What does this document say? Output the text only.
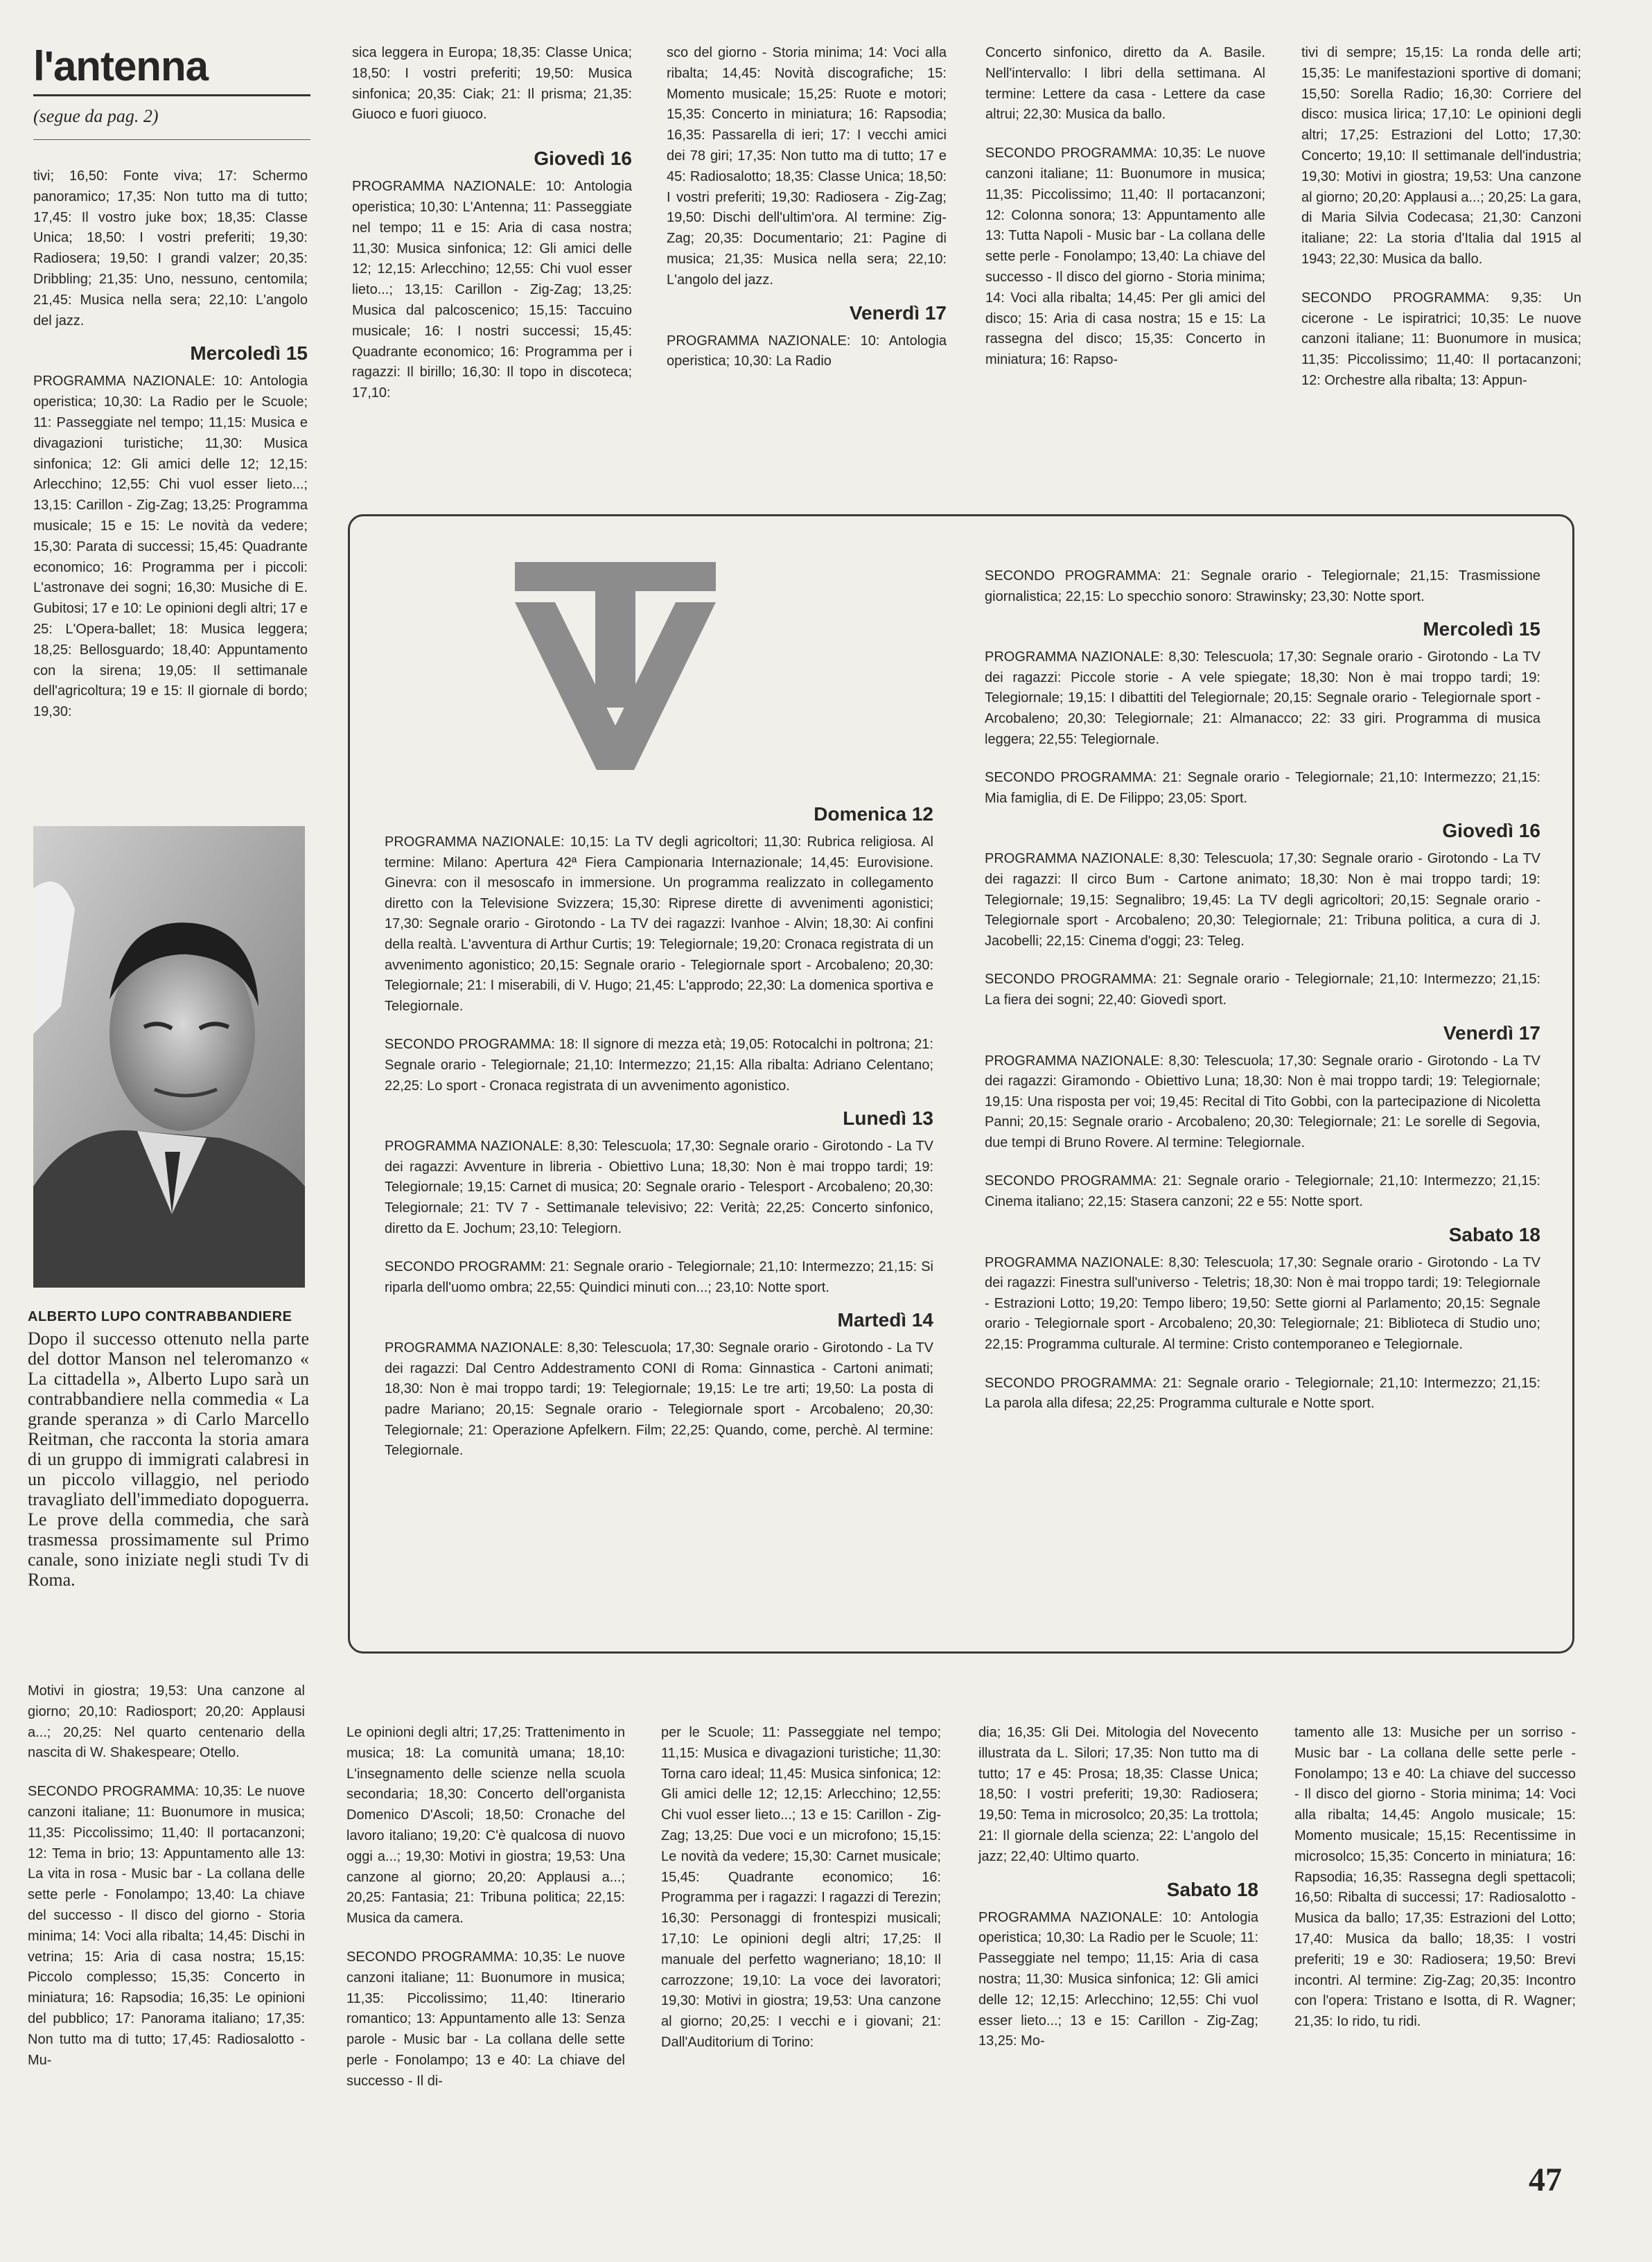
l'antenna
(segue da pag. 2)

tivi; 16,50: Fonte viva; 17: Schermo panoramico; 17,35: Non tutto ma di tutto; 17,45: Il vostro juke box; 18,35: Classe Unica; 18,50: I vostri preferiti; 19,30: Radiosera; 19,50: I grandi valzer; 20,35: Dribbling; 21,35: Uno, nessuno, centomila; 21,45: Musica nella sera; 22,10: L'angolo del jazz.

Mercoledì 15

PROGRAMMA NAZIONALE: 10: Antologia operistica; 10,30: La Radio per le Scuole; 11: Passeggiate nel tempo; 11,15: Musica e divagazioni turistiche; 11,30: Musica sinfonica; 12: Gli amici delle 12; 12,15: Arlecchino; 12,55: Chi vuol esser lieto...; 13,15: Carillon - Zig-Zag; 13,25: Programma musicale; 15 e 15: Le novità da vedere; 15,30: Parata di successi; 15,45: Quadrante economico; 16: Programma per i piccoli: L'astronave dei sogni; 16,30: Musiche di E. Gubitosi; 17 e 10: Le opinioni degli altri; 17 e 25: L'Opera-ballet; 18: Musica leggera; 18,25: Bellosguardo; 18,40: Appuntamento con la sirena; 19,05: Il settimanale dell'agricoltura; 19 e 15: Il giornale di bordo; 19,30:

sica leggera in Europa; 18,35: Classe Unica; 18,50: I vostri preferiti; 19,50: Musica sinfonica; 20,35: Ciak; 21: Il prisma; 21,35: Giuoco e fuori giuoco.

Giovedì 16

PROGRAMMA NAZIONALE: 10: Antologia operistica; 10,30: L'Antenna; 11: Passeggiate nel tempo; 11 e 15: Aria di casa nostra; 11,30: Musica sinfonica; 12: Gli amici delle 12; 12,15: Arlecchino; 12,55: Chi vuol esser lieto...; 13,15: Carillon - Zig-Zag; 13,25: Musica dal palcoscenico; 15,15: Taccuino musicale; 16: I nostri successi; 15,45: Quadrante economico; 16: Programma per i ragazzi: Il birillo; 16,30: Il topo in discoteca; 17,10:

sco del giorno - Storia minima; 14: Voci alla ribalta; 14,45: Novità discografiche; 15: Momento musicale; 15,25: Ruote e motori; 15,35: Concerto in miniatura; 16: Rapsodia; 16,35: Passarella di ieri; 17: I vecchi amici dei 78 giri; 17,35: Non tutto ma di tutto; 17 e 45: Radiosalotto; 18,35: Classe Unica; 18,50: I vostri preferiti; 19,30: Radiosera - Zig-Zag; 19,50: Dischi dell'ultim'ora. Al termine: Zig-Zag; 20,35: Documentario; 21: Pagine di musica; 21,35: Musica nella sera; 22,10: L'angolo del jazz.

Venerdì 17

PROGRAMMA NAZIONALE: 10: Antologia operistica; 10,30: La Radio

Concerto sinfonico, diretto da A. Basile. Nell'intervallo: I libri della settimana. Al termine: Lettere da casa - Lettere da case altrui; 22,30: Musica da ballo.

SECONDO PROGRAMMA: 10,35: Le nuove canzoni italiane; 11: Buonumore in musica; 11,35: Piccolissimo; 11,40: Il portacanzoni; 12: Colonna sonora; 13: Appuntamento alle 13: Tutta Napoli - Music bar - La collana delle sette perle - Fonolampo; 13,40: La chiave del successo - Il disco del giorno - Storia minima; 14: Voci alla ribalta; 14,45: Per gli amici del disco; 15: Aria di casa nostra; 15 e 15: La rassegna del disco; 15,35: Concerto in miniatura; 16: Rapso-

tivi di sempre; 15,15: La ronda delle arti; 15,35: Le manifestazioni sportive di domani; 15,50: Sorella Radio; 16,30: Corriere del disco: musica lirica; 17,10: Le opinioni degli altri; 17,25: Estrazioni del Lotto; 17,30: Concerto; 19,10: Il settimanale dell'industria; 19,30: Motivi in giostra; 19,53: Una canzone al giorno; 20,20: Applausi a...; 20,25: La gara, di Maria Silvia Codecasa; 21,30: Canzoni italiane; 22: La storia d'Italia dal 1915 al 1943; 22,30: Musica da ballo.

SECONDO PROGRAMMA: 9,35: Un cicerone - Le ispiratrici; 10,35: Le nuove canzoni italiane; 11: Buonumore in musica; 11,35: Piccolissimo; 11,40: Il portacanzoni; 12: Orchestre alla ribalta; 13: Appun-

TV
Domenica 12

PROGRAMMA NAZIONALE: 10,15: La TV degli agricoltori; 11,30: Rubrica religiosa. Al termine: Milano: Apertura 42ª Fiera Campionaria Internazionale; 14,45: Eurovisione. Ginevra: con il mesoscafo in immersione. Un programma realizzato in collegamento diretto con la Televisione Svizzera; 15,30: Riprese dirette di avvenimenti agonistici; 17,30: Segnale orario - Girotondo - La TV dei ragazzi: Ivanhoe - Alvin; 18,30: Ai confini della realtà. L'avventura di Arthur Curtis; 19: Telegiornale; 19,20: Cronaca registrata di un avvenimento agonistico; 20,15: Segnale orario - Telegiornale sport - Arcobaleno; 20,30: Telegiornale; 21: I miserabili, di V. Hugo; 21,45: L'approdo; 22,30: La domenica sportiva e Telegiornale.

SECONDO PROGRAMMA: 18: Il signore di mezza età; 19,05: Rotocalchi in poltrona; 21: Segnale orario - Telegiornale; 21,10: Intermezzo; 21,15: Alla ribalta: Adriano Celentano; 22,25: Lo sport - Cronaca registrata di un avvenimento agonistico.

Lunedì 13

PROGRAMMA NAZIONALE: 8,30: Telescuola; 17,30: Segnale orario - Girotondo - La TV dei ragazzi: Avventure in libreria - Obiettivo Luna; 18,30: Non è mai troppo tardi; 19: Telegiornale; 19,15: Carnet di musica; 20: Segnale orario - Telesport - Arcobaleno; 20,30: Telegiornale; 21: TV 7 - Settimanale televisivo; 22: Verità; 22,25: Concerto sinfonico, diretto da E. Jochum; 23,10: Telegiorn.

SECONDO PROGRAMM: 21: Segnale orario - Telegiornale; 21,10: Intermezzo; 21,15: Si riparla dell'uomo ombra; 22,55: Quindici minuti con...; 23,10: Notte sport.

Martedì 14

PROGRAMMA NAZIONALE: 8,30: Telescuola; 17,30: Segnale orario - Girotondo - La TV dei ragazzi: Dal Centro Addestramento CONI di Roma: Ginnastica - Cartoni animati; 18,30: Non è mai troppo tardi; 19: Telegiornale; 19,15: Le tre arti; 19,50: La posta di padre Mariano; 20,15: Segnale orario - Telegiornale sport - Arcobaleno; 20,30: Telegiornale; 21: Operazione Apfelkern. Film; 22,25: Quando, come, perchè. Al termine: Telegiornale.

SECONDO PROGRAMMA: 21: Segnale orario - Telegiornale; 21,15: Trasmissione giornalistica; 22,15: Lo specchio sonoro: Strawinsky; 23,30: Notte sport.

Mercoledì 15

PROGRAMMA NAZIONALE: 8,30: Telescuola; 17,30: Segnale orario - Girotondo - La TV dei ragazzi: Piccole storie - A vele spiegate; 18,30: Non è mai troppo tardi; 19: Telegiornale; 19,15: I dibattiti del Telegiornale; 20,15: Segnale orario - Telegiornale sport - Arcobaleno; 20,30: Telegiornale; 21: Almanacco; 22: 33 giri. Programma di musica leggera; 22,55: Telegiornale.

SECONDO PROGRAMMA: 21: Segnale orario - Telegiornale; 21,10: Intermezzo; 21,15: Mia famiglia, di E. De Filippo; 23,05: Sport.

Giovedì 16

PROGRAMMA NAZIONALE: 8,30: Telescuola; 17,30: Segnale orario - Girotondo - La TV dei ragazzi: Il circo Bum - Cartone animato; 18,30: Non è mai troppo tardi; 19: Telegiornale; 19,15: Segnalibro; 19,45: La TV degli agricoltori; 20,15: Segnale orario - Telegiornale sport - Arcobaleno; 20,30: Telegiornale; 21: Tribuna politica, a cura di J. Jacobelli; 22,15: Cinema d'oggi; 23: Teleg.

SECONDO PROGRAMMA: 21: Segnale orario - Telegiornale; 21,10: Intermezzo; 21,15: La fiera dei sogni; 22,40: Giovedì sport.

Venerdì 17

PROGRAMMA NAZIONALE: 8,30: Telescuola; 17,30: Segnale orario - Girotondo - La TV dei ragazzi: Giramondo - Obiettivo Luna; 18,30: Non è mai troppo tardi; 19: Telegiornale; 19,15: Una risposta per voi; 19,45: Recital di Tito Gobbi, con la partecipazione di Nicoletta Panni; 20,15: Segnale orario - Arcobaleno; 20,30: Telegiornale; 21: Le sorelle di Segovia, due tempi di Bruno Rovere. Al termine: Telegiornale.

SECONDO PROGRAMMA: 21: Segnale orario - Telegiornale; 21,10: Intermezzo; 21,15: Cinema italiano; 22,15: Stasera canzoni; 22 e 55: Notte sport.

Sabato 18

PROGRAMMA NAZIONALE: 8,30: Telescuola; 17,30: Segnale orario - Girotondo - La TV dei ragazzi: Finestra sull'universo - Teletris; 18,30: Non è mai troppo tardi; 19: Telegiornale - Estrazioni Lotto; 19,20: Tempo libero; 19,50: Sette giorni al Parlamento; 20,15: Segnale orario - Telegiornale sport - Arcobaleno; 20,30: Telegiornale; 21: Biblioteca di Studio uno; 22,15: Programma culturale. Al termine: Cristo contemporaneo e Telegiornale.

SECONDO PROGRAMMA: 21: Segnale orario - Telegiornale; 21,10: Intermezzo; 21,15: La parola alla difesa; 22,25: Programma culturale e Notte sport.

ALBERTO LUPO CONTRABBANDIERE
Dopo il successo ottenuto nella parte del dottor Manson nel teleromanzo « La cittadella », Alberto Lupo sarà un contrabbandiere nella commedia « La grande speranza » di Carlo Marcello Reitman, che racconta la storia amara di un gruppo di immigrati calabresi in un piccolo villaggio, nel periodo travagliato dell'immediato dopoguerra. Le prove della commedia, che sarà trasmessa prossimamente sul Primo canale, sono iniziate negli studi Tv di Roma.

Motivi in giostra; 19,53: Una canzone al giorno; 20,10: Radiosport; 20,20: Applausi a...; 20,25: Nel quarto centenario della nascita di W. Shakespeare; Otello.

SECONDO PROGRAMMA: 10,35: Le nuove canzoni italiane; 11: Buonumore in musica; 11,35: Piccolissimo; 11,40: Il portacanzoni; 12: Tema in brio; 13: Appuntamento alle 13: La vita in rosa - Music bar - La collana delle sette perle - Fonolampo; 13,40: La chiave del successo - Il disco del giorno - Storia minima; 14: Voci alla ribalta; 14,45: Dischi in vetrina; 15: Aria di casa nostra; 15,15: Piccolo complesso; 15,35: Concerto in miniatura; 16: Rapsodia; 16,35: Le opinioni del pubblico; 17: Panorama italiano; 17,35: Non tutto ma di tutto; 17,45: Radiosalotto - Mu-

Le opinioni degli altri; 17,25: Trattenimento in musica; 18: La comunità umana; 18,10: L'insegnamento delle scienze nella scuola secondaria; 18,30: Concerto dell'organista Domenico D'Ascoli; 18,50: Cronache del lavoro italiano; 19,20: C'è qualcosa di nuovo oggi a...; 19,30: Motivi in giostra; 19,53: Una canzone al giorno; 20,20: Applausi a...; 20,25: Fantasia; 21: Tribuna politica; 22,15: Musica da camera.

SECONDO PROGRAMMA: 10,35: Le nuove canzoni italiane; 11: Buonumore in musica; 11,35: Piccolissimo; 11,40: Itinerario romantico; 13: Appuntamento alle 13: Senza parole - Music bar - La collana delle sette perle - Fonolampo; 13 e 40: La chiave del successo - Il di-

per le Scuole; 11: Passeggiate nel tempo; 11,15: Musica e divagazioni turistiche; 11,30: Torna caro ideal; 11,45: Musica sinfonica; 12: Gli amici delle 12; 12,15: Arlecchino; 12,55: Chi vuol esser lieto...; 13 e 15: Carillon - Zig-Zag; 13,25: Due voci e un microfono; 15,15: Le novità da vedere; 15,30: Carnet musicale; 15,45: Quadrante economico; 16: Programma per i ragazzi: I ragazzi di Terezin; 16,30: Personaggi di frontespizi musicali; 17,10: Le opinioni degli altri; 17,25: Il manuale del perfetto wagneriano; 18,10: Il carrozzone; 19,10: La voce dei lavoratori; 19,30: Motivi in giostra; 19,53: Una canzone al giorno; 20,25: I vecchi e i giovani; 21: Dall'Auditorium di Torino:

dia; 16,35: Gli Dei. Mitologia del Novecento illustrata da L. Silori; 17,35: Non tutto ma di tutto; 17 e 45: Prosa; 18,35: Classe Unica; 18,50: I vostri preferiti; 19,30: Radiosera; 19,50: Tema in microsolco; 20,35: La trottola; 21: Il giornale della scienza; 22: L'angolo del jazz; 22,40: Ultimo quarto.

Sabato 18

PROGRAMMA NAZIONALE: 10: Antologia operistica; 10,30: La Radio per le Scuole; 11: Passeggiate nel tempo; 11,15: Aria di casa nostra; 11,30: Musica sinfonica; 12: Gli amici delle 12; 12,15: Arlecchino; 12,55: Chi vuol esser lieto...; 13 e 15: Carillon - Zig-Zag; 13,25: Mo-

tamento alle 13: Musiche per un sorriso - Music bar - La collana delle sette perle - Fonolampo; 13 e 40: La chiave del successo - Il disco del giorno - Storia minima; 14: Voci alla ribalta; 14,45: Angolo musicale; 15: Momento musicale; 15,15: Recentissime in microsolco; 15,35: Concerto in miniatura; 16: Rapsodia; 16,35: Rassegna degli spettacoli; 16,50: Ribalta di successi; 17: Radiosalotto - Musica da ballo; 17,35: Estrazioni del Lotto; 17,40: Musica da ballo; 18,35: I vostri preferiti; 19 e 30: Radiosera; 19,50: Brevi incontri. Al termine: Zig-Zag; 20,35: Incontro con l'opera: Tristano e Isotta, di R. Wagner; 21,35: Io rido, tu ridi.

47
